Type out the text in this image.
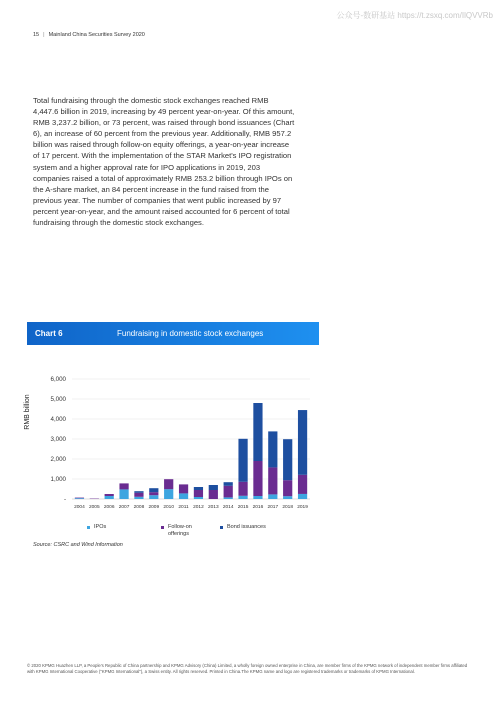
公众号-数研基站 https://t.zsxq.com/IlQVVRb
15 | Mainland China Securities Survey 2020

Total fundraising through the domestic stock exchanges reached RMB 4,447.6 billion in 2019, increasing by 49 percent year-on-year. Of this amount, RMB 3,237.2 billion, or 73 percent, was raised through bond issuances (Chart 6), an increase of 60 percent from the previous year. Additionally, RMB 957.2 billion was raised through follow-on equity offerings, a year-on-year increase of 17 percent. With the implementation of the STAR Market's IPO registration system and a higher approval rate for IPO applications in 2019, 203 companies raised a total of approximately RMB 253.2 billion through IPOs on the A-share market, an 84 percent increase in the fund raised from the previous year. The number of companies that went public increased by 97 percent year-on-year, and the amount raised accounted for 6 percent of total fundraising through the domestic stock exchanges.

Chart 6	Fundraising in domestic stock exchanges
RMB billion
-
1,000
2,000
3,000
4,000
5,000
6,000
2004 2005 2006 2007 2008 2009 2010 2011 2012 2013 2014 2015 2016 2017 2018 2019
IPOs	Follow-on offerings
Bond issuances
Source: CSRC and Wind Information

© 2020 KPMG Huazhen LLP, a People's Republic of China partnership and KPMG Advisory (China) Limited, a wholly foreign owned enterprise in China, are member firms of the KPMG network of independent member firms affiliated with KPMG International Cooperative ("KPMG International"), a Swiss entity. All rights reserved. Printed in China.The KPMG name and logo are registered trademarks or trademarks of KPMG International.
